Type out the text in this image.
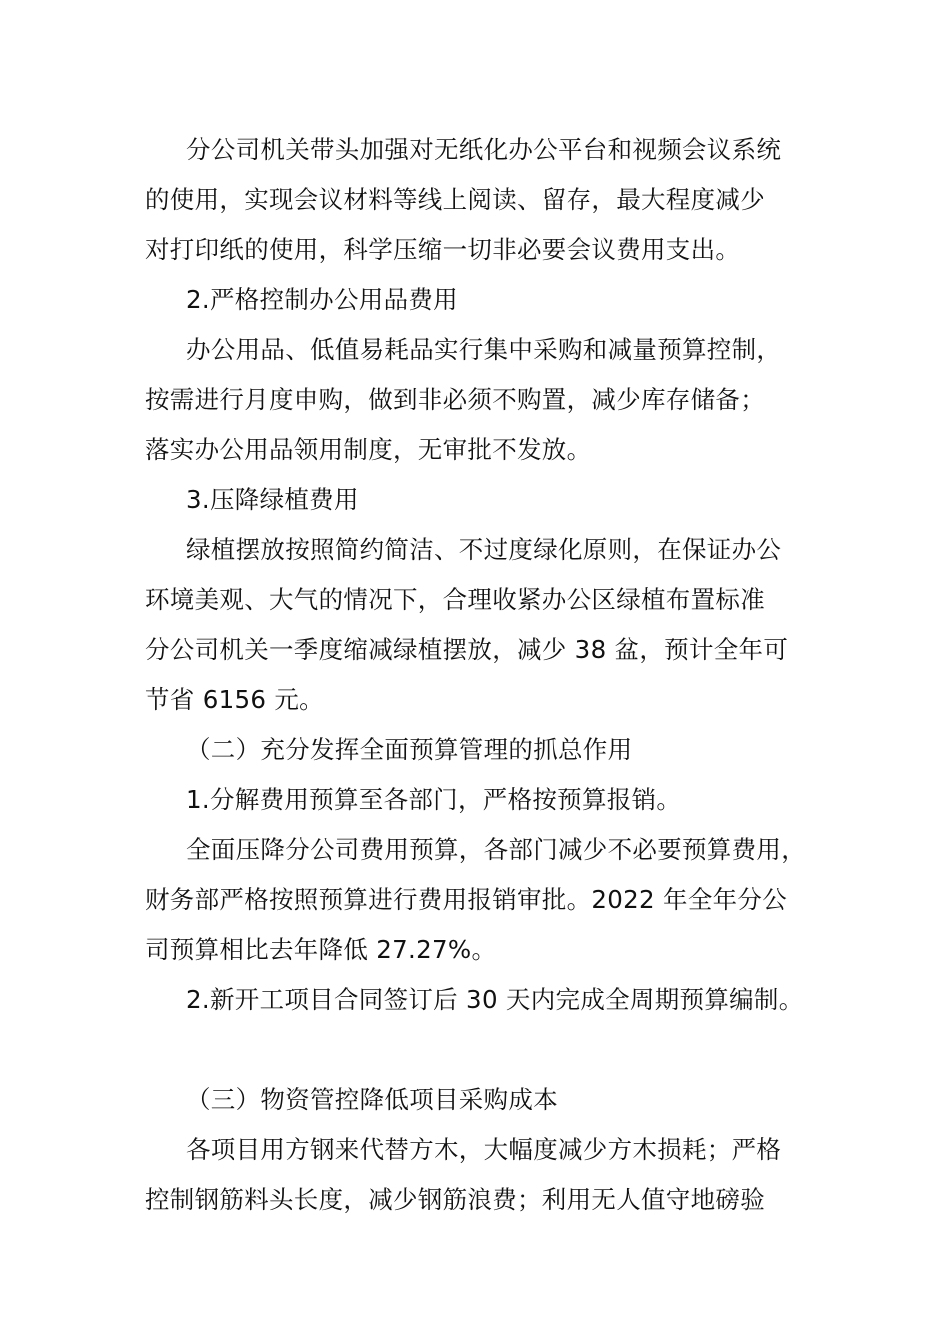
分公司机关带头加强对无纸化办公平台和视频会议系统
的使用，实现会议材料等线上阅读、留存，最大程度减少
对打印纸的使用，科学压缩一切非必要会议费用支出。
2.严格控制办公用品费用
办公用品、低值易耗品实行集中采购和减量预算控制，
按需进行月度申购，做到非必须不购置，减少库存储备；
落实办公用品领用制度，无审批不发放。
3.压降绿植费用
绿植摆放按照简约简洁、不过度绿化原则，在保证办公
环境美观、大气的情况下，合理收紧办公区绿植布置标准
分公司机关一季度缩减绿植摆放，减少 38 盆，预计全年可
节省 6156 元。
（二）充分发挥全面预算管理的抓总作用
1.分解费用预算至各部门，严格按预算报销。
全面压降分公司费用预算，各部门减少不必要预算费用，
财务部严格按照预算进行费用报销审批。2022 年全年分公
司预算相比去年降低 27.27%。
2.新开工项目合同签订后 30 天内完成全周期预算编制。
（三）物资管控降低项目采购成本
各项目用方钢来代替方木，大幅度减少方木损耗；严格
控制钢筋料头长度，减少钢筋浪费；利用无人值守地磅验
